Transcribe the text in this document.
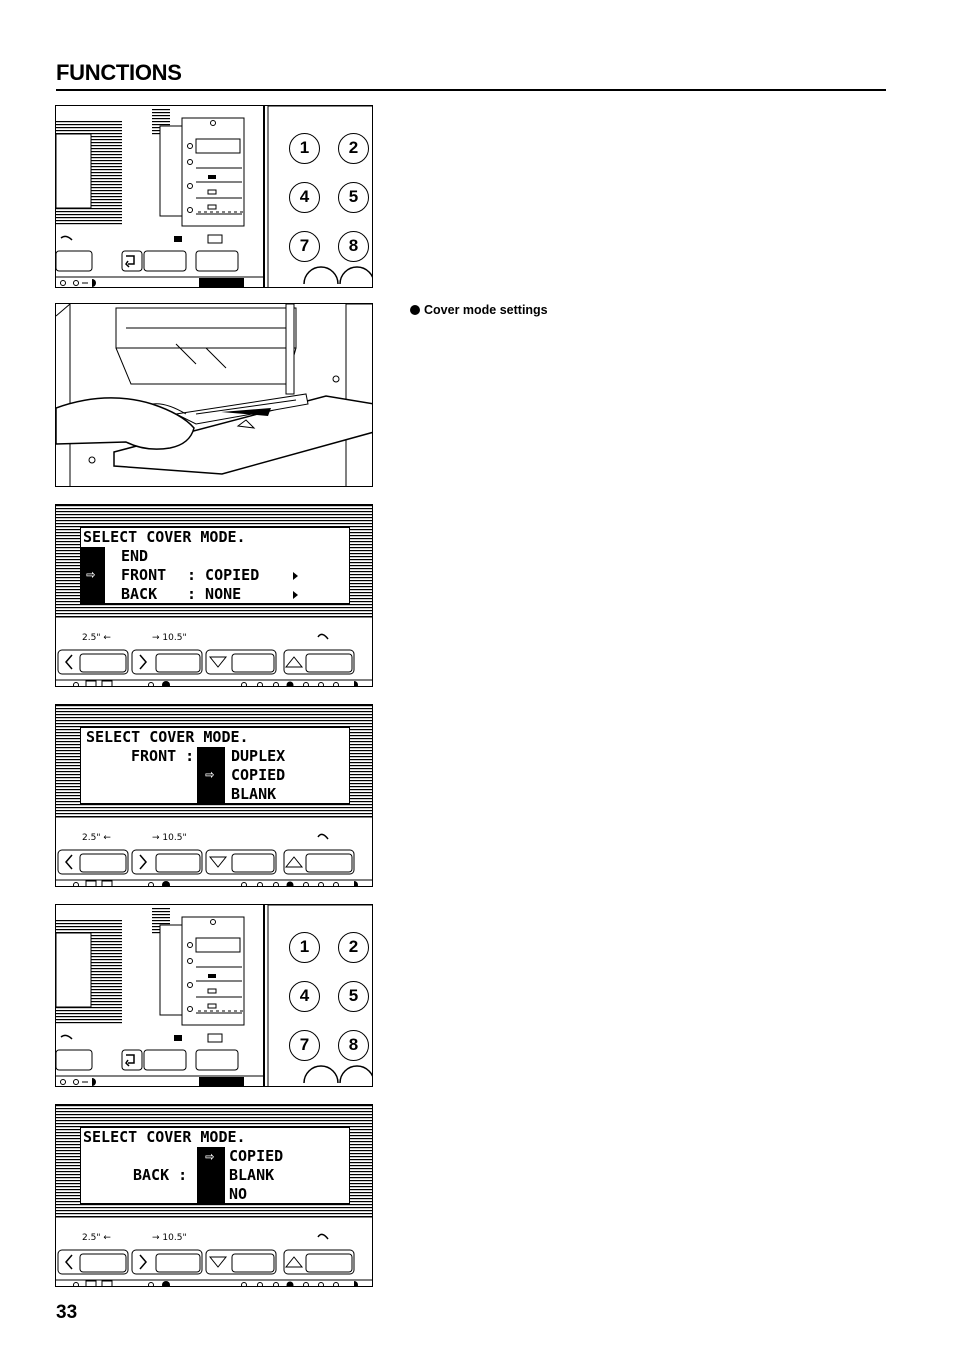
FUNCTIONS
1	2
4	5
7	8
Cover mode settings
2.5" ←	→ 10.5"
SELECT COVER MODE.
⇨
END
FRONT : COPIED
BACK : NONE
2.5" ←	→ 10.5"
SELECT COVER MODE.
FRONT :
⇨
DUPLEX
COPIED
BLANK
1	2
4	5
7	8
2.5" ←	→ 10.5"
SELECT COVER MODE.
BACK :
⇨ COPIED
BLANK
NO
33
